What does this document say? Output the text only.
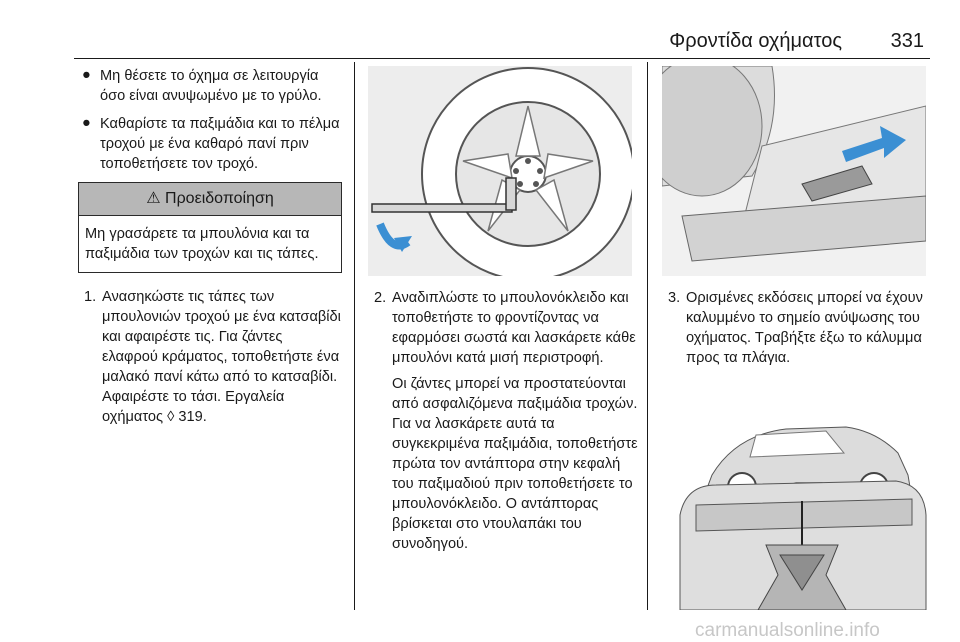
Φροντίδα οχήματος 331
● Μη θέσετε το όχημα σε λειτουργία όσο είναι ανυψωμένο με το γρύλο.
● Καθαρίστε τα παξιμάδια και το πέλμα τροχού με ένα καθαρό πανί πριν τοποθετήσετε τον τροχό.
⚠ Προειδοποίηση
Μη γρασάρετε τα μπουλόνια και τα παξιμάδια των τροχών και τις τάπες.
1. Ανασηκώστε τις τάπες των μπουλονιών τροχού με ένα κατσαβίδι και αφαιρέστε τις. Για ζάντες ελαφρού κράματος, τοποθετήστε ένα μαλακό πανί κάτω από το κατσαβίδι. Αφαιρέστε το τάσι. Εργαλεία οχήματος ◊ 319.
2. Αναδιπλώστε το μπουλονόκλειδο και τοποθετήστε το φροντίζοντας να εφαρμόσει σωστά και λασκάρετε κάθε μπουλόνι κατά μισή περιστροφή.
Οι ζάντες μπορεί να προστατεύονται από ασφαλιζόμενα παξιμάδια τροχών. Για να λασκάρετε αυτά τα συγκεκριμένα παξιμάδια, τοποθετήστε πρώτα τον αντάπτορα στην κεφαλή του παξιμαδιού πριν τοποθετήσετε το μπουλονόκλειδο. Ο αντάπτορας βρίσκεται στο ντουλαπάκι του συνοδηγού.
3. Ορισμένες εκδόσεις μπορεί να έχουν καλυμμένο το σημείο ανύψωσης του οχήματος. Τραβήξτε έξω το κάλυμμα προς τα πλάγια.
carmanualsonline.info
